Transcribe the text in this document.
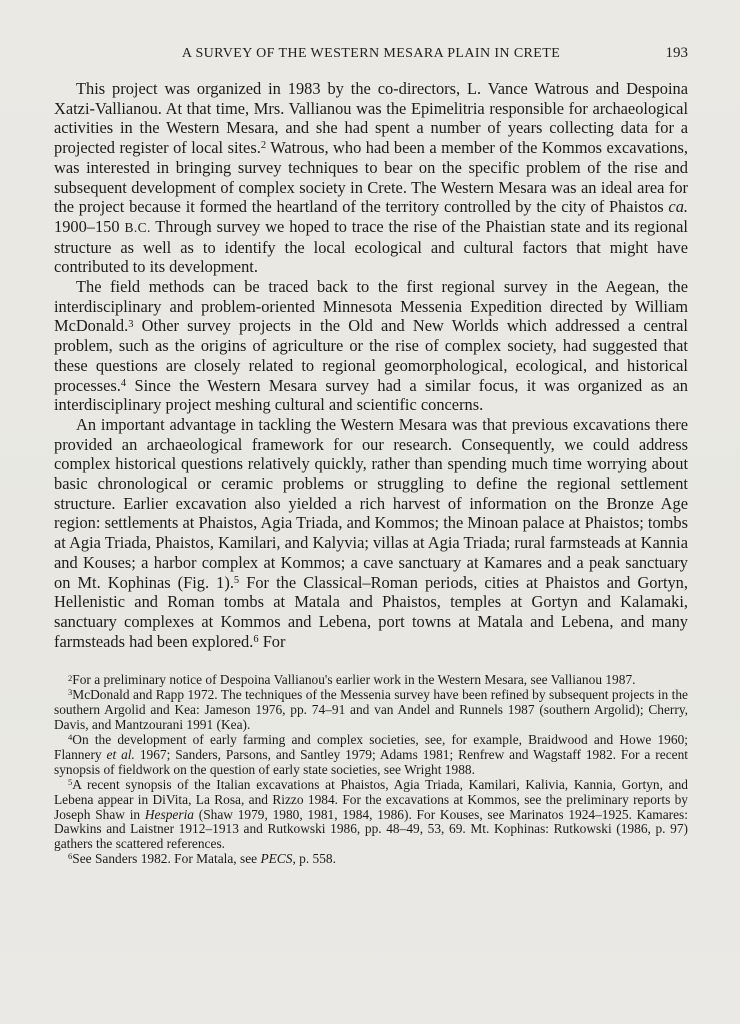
A SURVEY OF THE WESTERN MESARA PLAIN IN CRETE	193

This project was organized in 1983 by the co-directors, L. Vance Watrous and Despoina Xatzi-Vallianou. At that time, Mrs. Vallianou was the Epimelitria responsible for archaeological activities in the Western Mesara, and she had spent a number of years collecting data for a projected register of local sites.$^2$ Watrous, who had been a member of the Kommos excavations, was interested in bringing survey techniques to bear on the specific problem of the rise and subsequent development of complex society in Crete. The Western Mesara was an ideal area for the project because it formed the heartland of the territory controlled by the city of Phaistos ca. 1900–150 B.C. Through survey we hoped to trace the rise of the Phaistian state and its regional structure as well as to identify the local ecological and cultural factors that might have contributed to its development.

The field methods can be traced back to the first regional survey in the Aegean, the interdisciplinary and problem-oriented Minnesota Messenia Expedition directed by William McDonald.$^3$ Other survey projects in the Old and New Worlds which addressed a central problem, such as the origins of agriculture or the rise of complex society, had suggested that these questions are closely related to regional geomorphological, ecological, and historical processes.$^4$ Since the Western Mesara survey had a similar focus, it was organized as an interdisciplinary project meshing cultural and scientific concerns.

An important advantage in tackling the Western Mesara was that previous excavations there provided an archaeological framework for our research. Consequently, we could address complex historical questions relatively quickly, rather than spending much time worrying about basic chronological or ceramic problems or struggling to define the regional settlement structure. Earlier excavation also yielded a rich harvest of information on the Bronze Age region: settlements at Phaistos, Agia Triada, and Kommos; the Minoan palace at Phaistos; tombs at Agia Triada, Phaistos, Kamilari, and Kalyvia; villas at Agia Triada; rural farmsteads at Kannia and Kouses; a harbor complex at Kommos; a cave sanctuary at Kamares and a peak sanctuary on Mt. Kophinas (Fig. 1).$^5$ For the Classical–Roman periods, cities at Phaistos and Gortyn, Hellenistic and Roman tombs at Matala and Phaistos, temples at Gortyn and Kalamaki, sanctuary complexes at Kommos and Lebena, port towns at Matala and Lebena, and many farmsteads had been explored.$^6$ For

$^2$For a preliminary notice of Despoina Vallianou's earlier work in the Western Mesara, see Vallianou 1987.

$^3$McDonald and Rapp 1972. The techniques of the Messenia survey have been refined by subsequent projects in the southern Argolid and Kea: Jameson 1976, pp. 74–91 and van Andel and Runnels 1987 (southern Argolid); Cherry, Davis, and Mantzourani 1991 (Kea).

$^4$On the development of early farming and complex societies, see, for example, Braidwood and Howe 1960; Flannery et al. 1967; Sanders, Parsons, and Santley 1979; Adams 1981; Renfrew and Wagstaff 1982. For a recent synopsis of fieldwork on the question of early state societies, see Wright 1988.

$^5$A recent synopsis of the Italian excavations at Phaistos, Agia Triada, Kamilari, Kalivia, Kannia, Gortyn, and Lebena appear in DiVita, La Rosa, and Rizzo 1984. For the excavations at Kommos, see the preliminary reports by Joseph Shaw in Hesperia (Shaw 1979, 1980, 1981, 1984, 1986). For Kouses, see Marinatos 1924–1925. Kamares: Dawkins and Laistner 1912–1913 and Rutkowski 1986, pp. 48–49, 53, 69. Mt. Kophinas: Rutkowski (1986, p. 97) gathers the scattered references.

$^6$See Sanders 1982. For Matala, see PECS, p. 558.
